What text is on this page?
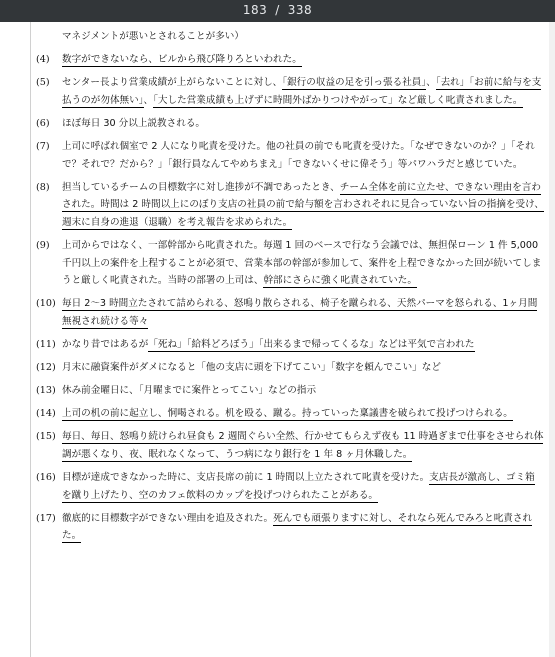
183 / 338
マネジメントが悪いとされることが多い）
(4)	数字ができないなら、ビルから飛び降りろといわれた。
(5)	センター長より営業成績が上がらないことに対し、「銀行の収益の足を引っ張る社員」、「去れ」「お前に給与を支払うのが勿体無い」、「大した営業成績も上げずに時間外ばかりつけやがって」など厳しく叱責されました。
(6)	ほぼ毎日 30 分以上説教される。
(7)	上司に呼ばれ個室で 2 人になり叱責を受けた。他の社員の前でも叱責を受けた。「なぜできないのか？」「それで？それで？だから？」「銀行員なんてやめちまえ」「できないくせに偉そう」等パワハラだと感じていた。
(8)	担当しているチームの目標数字に対し進捗が不調であったとき、チーム全体を前に立たせ、できない理由を言わされた。時間は 2 時間以上にのぼり支店の社員の前で給与額を言わされそれに見合っていない旨の指摘を受け、週末に自身の進退（退職）を考え報告を求められた。
(9)	上司からではなく、一部幹部から叱責された。毎週 1 回のベースで行なう会議では、無担保ローン 1 件 5,000 千円以上の案件を上程することが必須で、営業本部の幹部が参加して、案件を上程できなかった回が続いてしまうと厳しく叱責された。当時の部署の上司は、幹部にさらに強く叱責されていた。
(10) 毎日 2～3 時間立たされて詰められる、怒鳴り散らされる、椅子を蹴られる、天然パーマを怒られる、1ヶ月間無視され続ける等々
(11) かなり昔ではあるが「死ね」「給料どろぼう」「出来るまで帰ってくるな」などは平気で言われた
(12) 月末に融資案件がダメになると「他の支店に頭を下げてこい」「数字を頼んでこい」など
(13) 休み前金曜日に、「月曜までに案件とってこい」などの指示
(14) 上司の机の前に起立し、恫喝される。机を殴る、蹴る。持っていった稟議書を破られて投げつけられる。
(15) 毎日、毎日、怒鳴り続けられ昼食も 2 週間ぐらい全然、行かせてもらえず夜も 11 時過ぎまで仕事をさせられ体調が悪くなり、夜、眠れなくなって、うつ病になり銀行を 1 年 8 ヶ月休職した。
(16) 目標が達成できなかった時に、支店長席の前に 1 時間以上立たされて叱責を受けた。支店長が激高し、ゴミ箱を蹴り上げたり、空のカフェ飲料のカップを投げつけられたことがある。
(17) 徹底的に目標数字ができない理由を追及された。死んでも頑張りますに対し、それなら死んでみろと叱責された。
